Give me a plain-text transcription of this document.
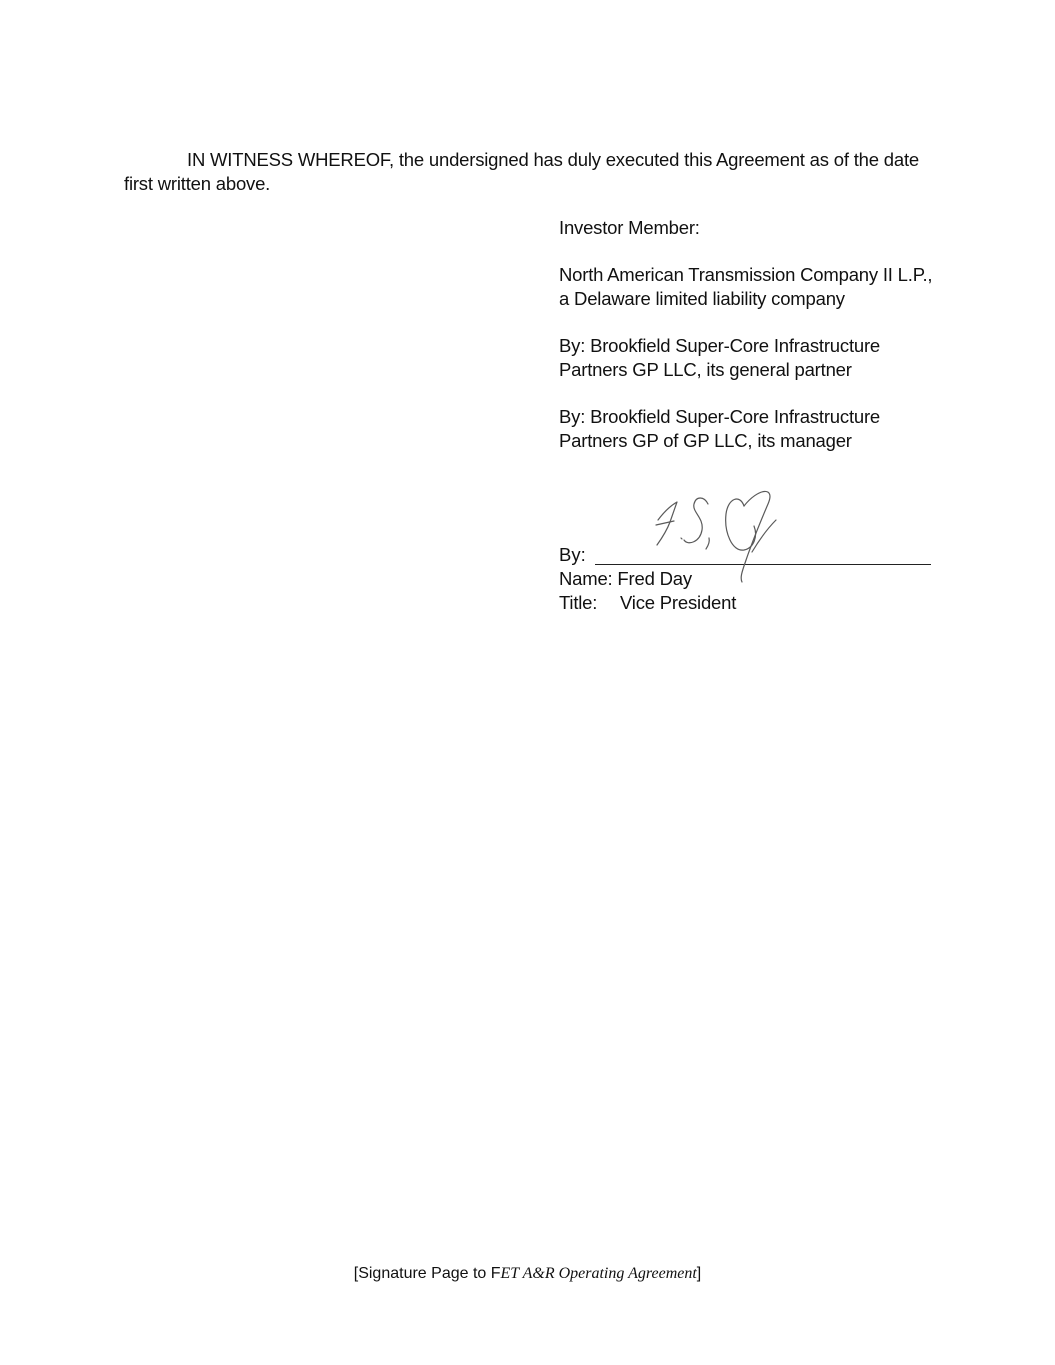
IN WITNESS WHEREOF, the undersigned has duly executed this Agreement as of the date first written above.

Investor Member:

North American Transmission Company II L.P., a Delaware limited liability company

By: Brookfield Super-Core Infrastructure Partners GP LLC, its general partner

By: Brookfield Super-Core Infrastructure Partners GP of GP LLC, its manager

By:

Name: Fred Day

Title: Vice President

[Signature Page to FET A&R Operating Agreement]
